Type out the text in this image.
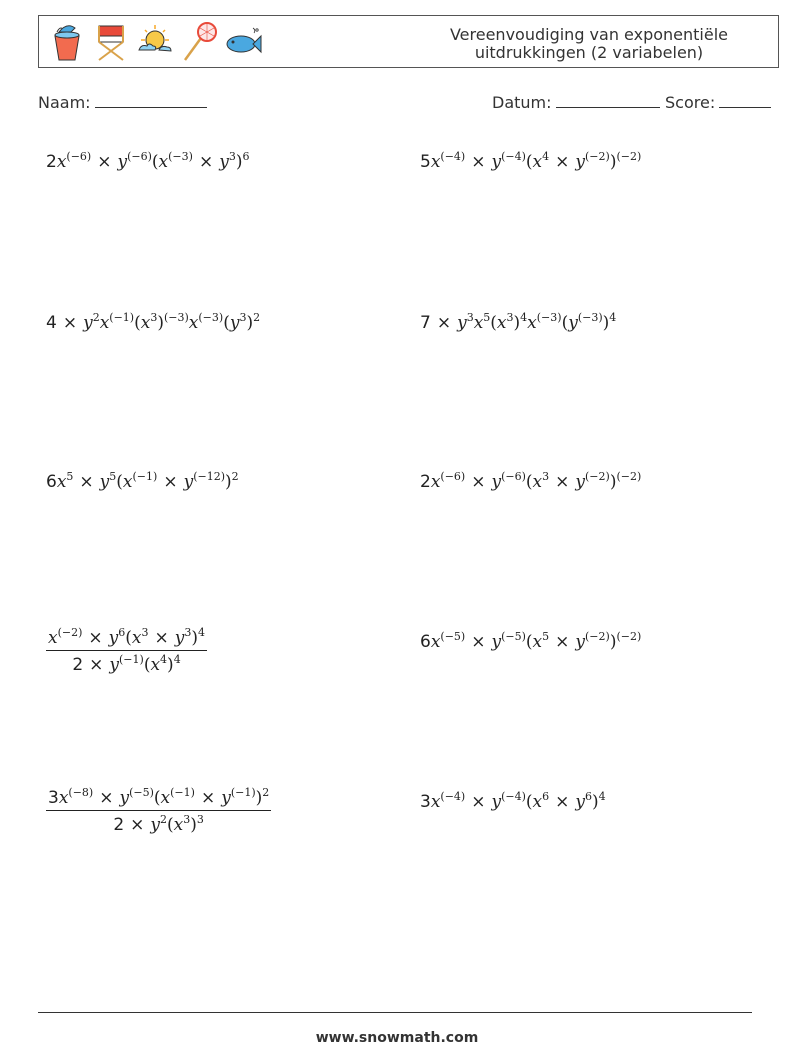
Vereenvoudiging van exponentiële
uitdrukkingen (2 variabelen)
Naam:	Datum:	Score:
$2x^{(-6)} \times y^{(-6)}(x^{(-3)} \times y^3)^6$	$5x^{(-4)} \times y^{(-4)}(x^4 \times y^{(-2)})^{(-2)}$
$4 \times y^2x^{(-1)}(x^3)^{(-3)}x^{(-3)}(y^3)^2$	$7 \times y^3x^5(x^3)^4x^{(-3)}(y^{(-3)})^4$
$6x^5 \times y^5(x^{(-1)} \times y^{(-12)})^2$	$2x^{(-6)} \times y^{(-6)}(x^3 \times y^{(-2)})^{(-2)}$
$\frac{x^{(-2)} \times y^6(x^3 \times y^3)^4}{2 \times y^{(-1)}(x^4)^4}$	$6x^{(-5)} \times y^{(-5)}(x^5 \times y^{(-2)})^{(-2)}$
$\frac{3x^{(-8)} \times y^{(-5)}(x^{(-1)} \times y^{(-1)})^2}{2 \times y^2(x^3)^3}$	$3x^{(-4)} \times y^{(-4)}(x^6 \times y^6)^4$
www.snowmath.com
